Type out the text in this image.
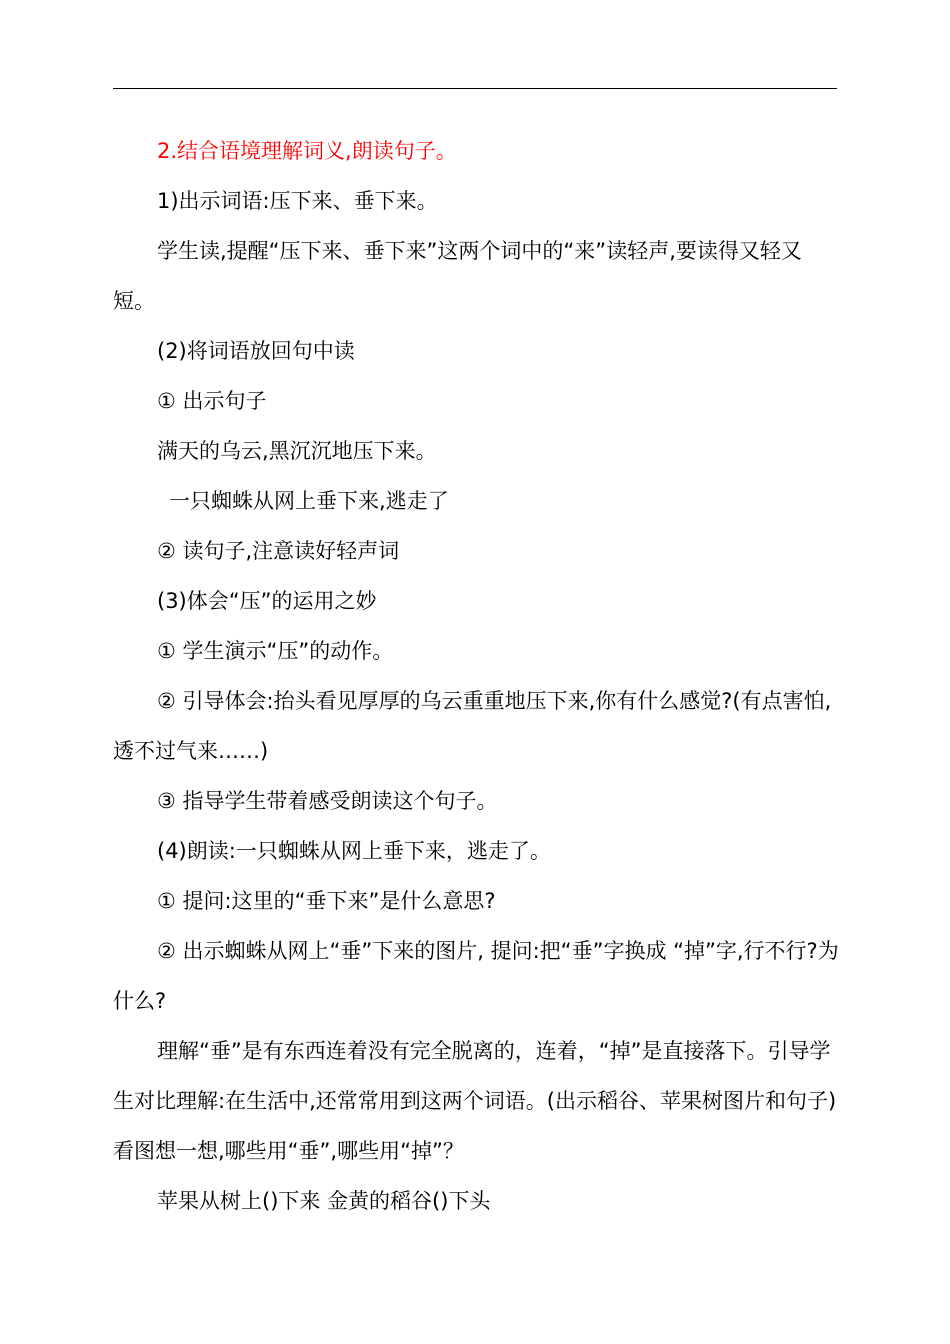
2.结合语境理解词义,朗读句子。

1)出示词语:压下来、垂下来。

学生读,提醒“压下来、垂下来”这两个词中的“来”读轻声,要读得又轻又短。

(2)将词语放回句中读

① 出示句子

满天的乌云,黑沉沉地压下来。

一只蜘蛛从网上垂下来,逃走了

② 读句子,注意读好轻声词

(3)体会“压”的运用之妙

① 学生演示“压”的动作。

② 引导体会:抬头看见厚厚的乌云重重地压下来,你有什么感觉?(有点害怕,透不过气来……)

③ 指导学生带着感受朗读这个句子。

(4)朗读:一只蜘蛛从网上垂下来，逃走了。

① 提问:这里的“垂下来”是什么意思?

② 出示蜘蛛从网上“垂”下来的图片, 提问:把“垂”字换成 “掉”字,行不行?为什么?

理解“垂”是有东西连着没有完全脱离的，连着，“掉”是直接落下。引导学生对比理解:在生活中,还常常用到这两个词语。(出示稻谷、苹果树图片和句子)看图想一想,哪些用“垂”,哪些用“掉”？

苹果从树上()下来 金黄的稻谷()下头
